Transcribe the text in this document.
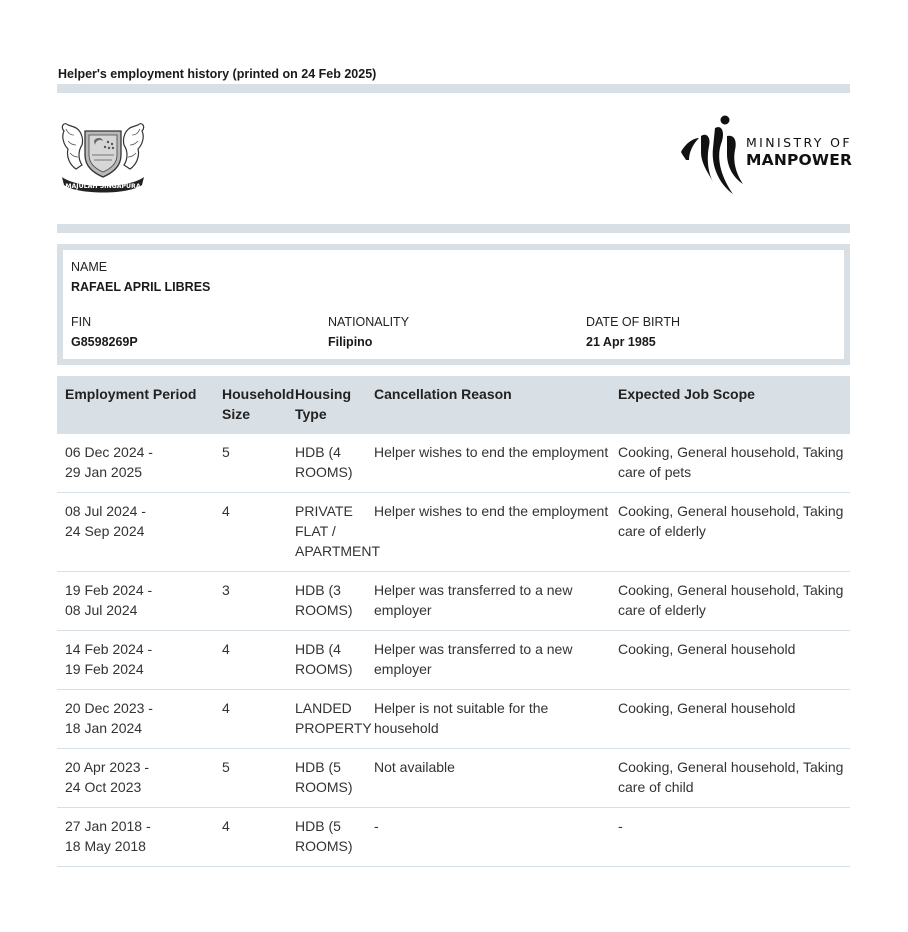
Helper's employment history (printed on 24 Feb 2025)
MAJULAH SINGAPURA
MINISTRY OF
MANPOWER
NAME
RAFAEL APRIL LIBRES
FIN
G8598269P
NATIONALITY
Filipino
DATE OF BIRTH
21 Apr 1985
Employment Period	Household Size	Housing Type	Cancellation Reason	Expected Job Scope
06 Dec 2024 -
29 Jan 2025	5	HDB (4 ROOMS)	Helper wishes to end the employment	Cooking, General household, Taking care of pets
08 Jul 2024 -
24 Sep 2024	4	PRIVATE FLAT / APARTMENT	Helper wishes to end the employment	Cooking, General household, Taking care of elderly
19 Feb 2024 -
08 Jul 2024	3	HDB (3 ROOMS)	Helper was transferred to a new employer	Cooking, General household, Taking care of elderly
14 Feb 2024 -
19 Feb 2024	4	HDB (4 ROOMS)	Helper was transferred to a new employer	Cooking, General household
20 Dec 2023 -
18 Jan 2024	4	LANDED PROPERTY	Helper is not suitable for the household	Cooking, General household
20 Apr 2023 -
24 Oct 2023	5	HDB (5 ROOMS)	Not available	Cooking, General household, Taking care of child
27 Jan 2018 -
18 May 2018	4	HDB (5 ROOMS)	-	-
